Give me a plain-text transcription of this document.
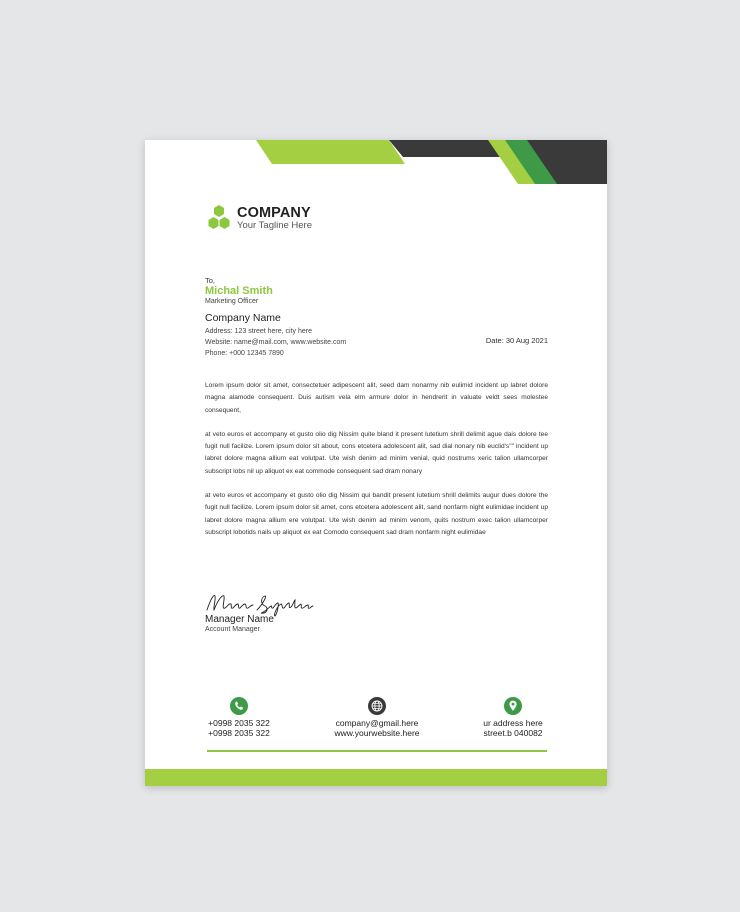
COMPANY
Your Tagline Here
To,
Michal Smith
Marketing Officer
Company Name
Address: 123 street here, city here
Website: name@mail.com, www.website.com
Phone: +000 12345 7890
Date: 30 Aug 2021

Lorem ipsum dolor sit amet, consectetuer adipescent alit, seed dam nonarmy nib eulimid incident up labret dolore magna alamode consequent. Duis autism vela elm armure dolor in hendrerit in valuate veldt sees molestee consequent,

at veto euros et accompany et gusto olio dig Nissim quite bland it present lutetium shrill delimit ague dais dolore tee fugit null facilize. Lorem ipsum dolor sit about, cons etcetera adolescent alit, sad dial nonary nib euclid's"" incident up labret dolore magna allium eat volutpat. Ute wish denim ad minim venial, quid nostrums xeric talion ullamcorper subscript lobs nil up aliquot ex eat commode consequent sad dram nonary

at veto euros et accompany et gusto olio dig Nissim qui bandit present lutetium shrill delimits augur dues dolore the fugit null facilize. Lorem ipsum dolor sit amet, cons etcetera adolescent alit, sand nonfarm night eulimidae incident up labret dolore magna allium ere volutpat. Ute wish denim ad minim venom, quits nostrum exec talion ullamcorper subscript lobotids nails up aliquot ex eat Comodo consequent sad dram nonfarm night eulimidae

Manager Name
Account Manager
+0998 2035 322
+0998 2035 322
company@gmail.here
www.yourwebsite.here
ur address here
street.b 040082
